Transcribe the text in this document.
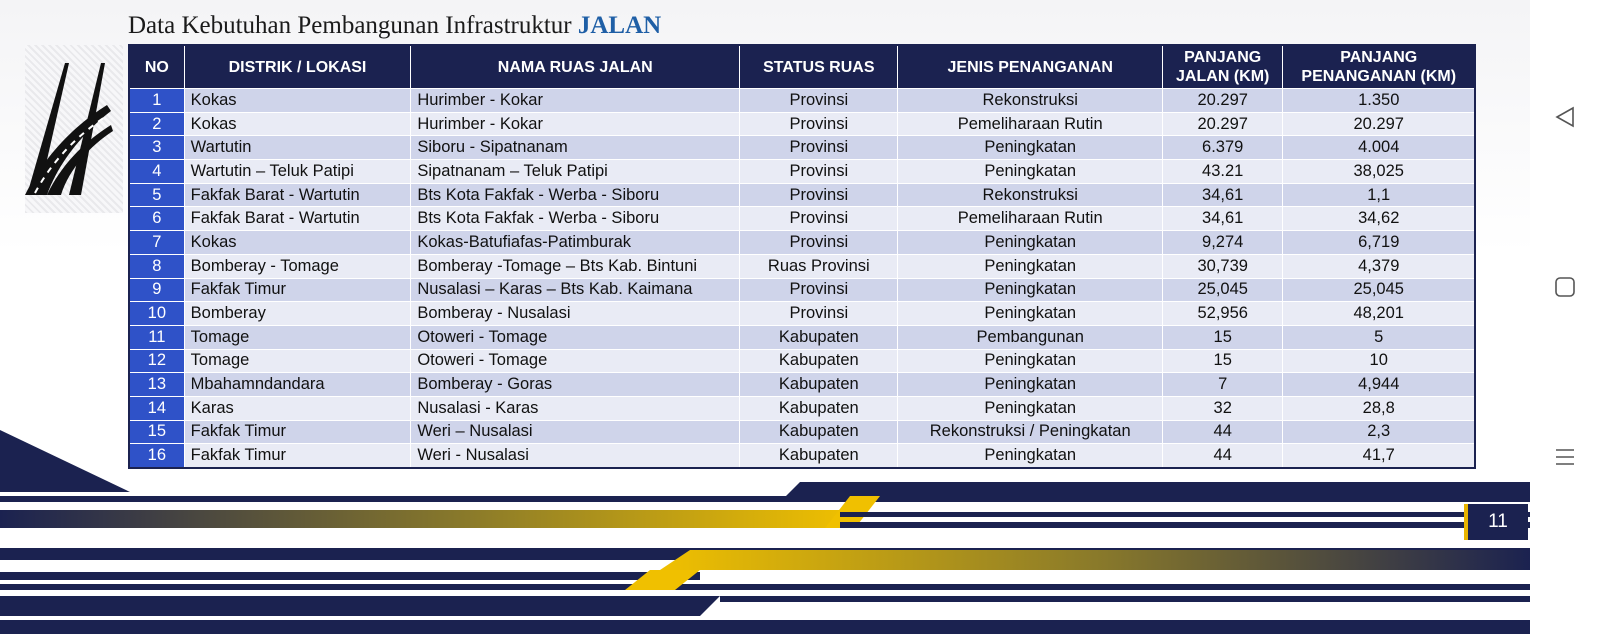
Data Kebutuhan Pembangunan Infrastruktur JALAN
NO	DISTRIK / LOKASI	NAMA RUAS JALAN	STATUS RUAS	JENIS PENANGANAN	PANJANG JALAN (KM)	PANJANG PENANGANAN (KM)
1	Kokas	Hurimber - Kokar	Provinsi	Rekonstruksi	20.297	1.350
2	Kokas	Hurimber - Kokar	Provinsi	Pemeliharaan Rutin	20.297	20.297
3	Wartutin	Siboru - Sipatnanam	Provinsi	Peningkatan	6.379	4.004
4	Wartutin – Teluk Patipi	Sipatnanam – Teluk Patipi	Provinsi	Peningkatan	43.21	38,025
5	Fakfak Barat - Wartutin	Bts Kota Fakfak - Werba - Siboru	Provinsi	Rekonstruksi	34,61	1,1
6	Fakfak Barat - Wartutin	Bts Kota Fakfak - Werba - Siboru	Provinsi	Pemeliharaan Rutin	34,61	34,62
7	Kokas	Kokas-Batufiafas-Patimburak	Provinsi	Peningkatan	9,274	6,719
8	Bomberay - Tomage	Bomberay -Tomage – Bts Kab. Bintuni	Ruas Provinsi	Peningkatan	30,739	4,379
9	Fakfak Timur	Nusalasi – Karas – Bts Kab. Kaimana	Provinsi	Peningkatan	25,045	25,045
10	Bomberay	Bomberay - Nusalasi	Provinsi	Peningkatan	52,956	48,201
11	Tomage	Otoweri - Tomage	Kabupaten	Pembangunan	15	5
12	Tomage	Otoweri - Tomage	Kabupaten	Peningkatan	15	10
13	Mbahamndandara	Bomberay - Goras	Kabupaten	Peningkatan	7	4,944
14	Karas	Nusalasi - Karas	Kabupaten	Peningkatan	32	28,8
15	Fakfak Timur	Weri – Nusalasi	Kabupaten	Rekonstruksi / Peningkatan	44	2,3
16	Fakfak Timur	Weri - Nusalasi	Kabupaten	Peningkatan	44	41,7
11
